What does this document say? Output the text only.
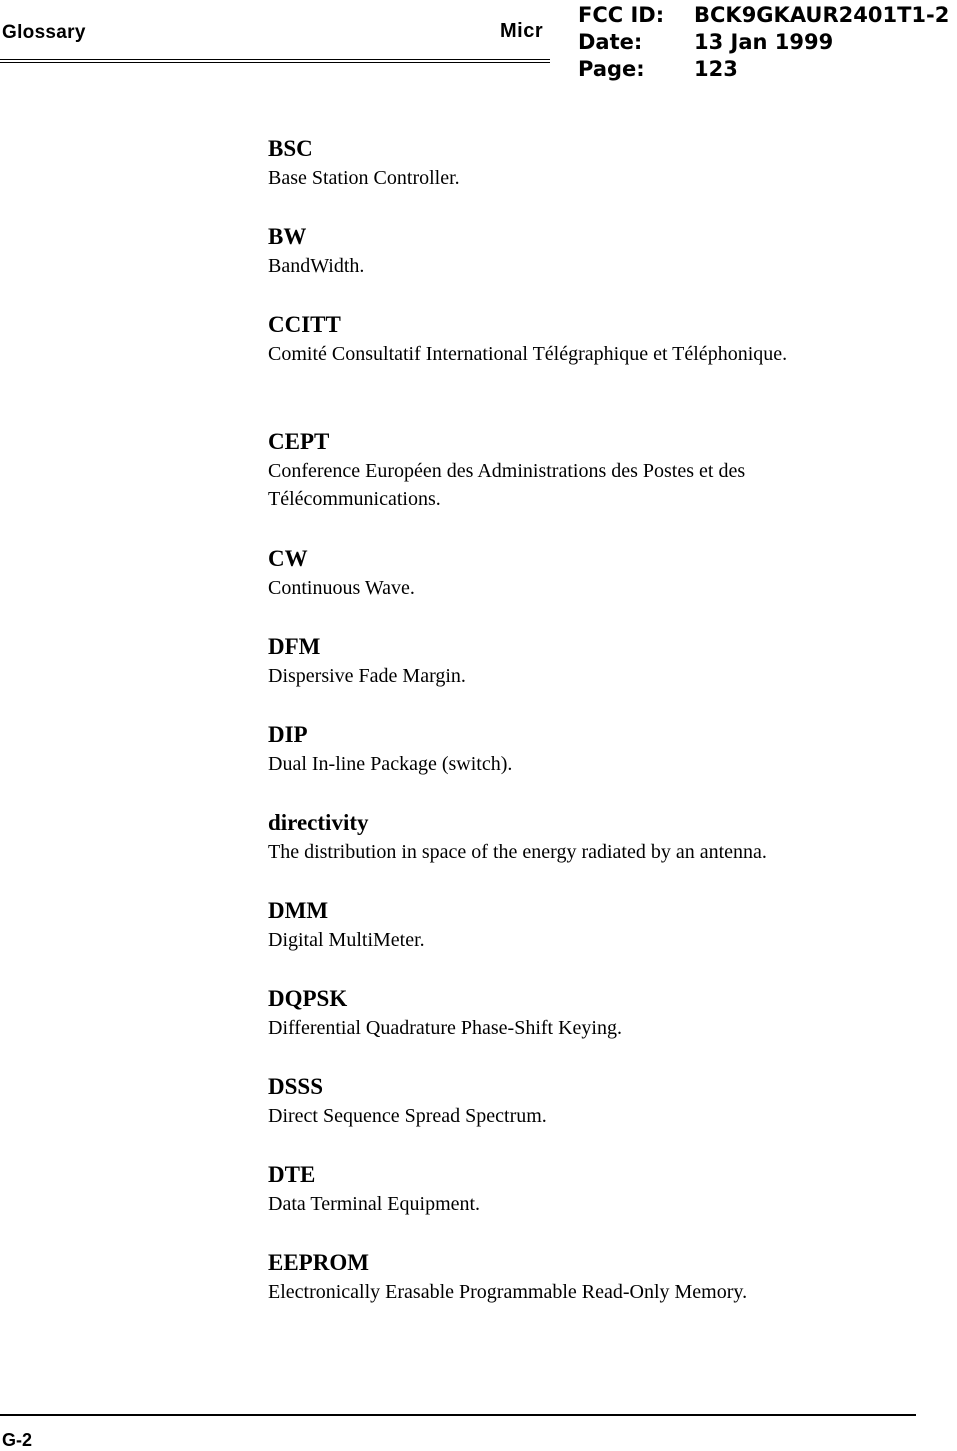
Glossary	Micr
FCC ID:	BCK9GKAUR2401T1-2
Date:	13 Jan 1999
Page:	123
BSC
Base Station Controller.
BW
BandWidth.
CCITT
Comité Consultatif International Télégraphique et Téléphonique.
CEPT
Conference Européen des Administrations des Postes et des Télécommunications.
CW
Continuous Wave.
DFM
Dispersive Fade Margin.
DIP
Dual In-line Package (switch).
directivity
The distribution in space of the energy radiated by an antenna.
DMM
Digital MultiMeter.
DQPSK
Differential Quadrature Phase-Shift Keying.
DSSS
Direct Sequence Spread Spectrum.
DTE
Data Terminal Equipment.
EEPROM
Electronically Erasable Programmable Read-Only Memory.
G-2
